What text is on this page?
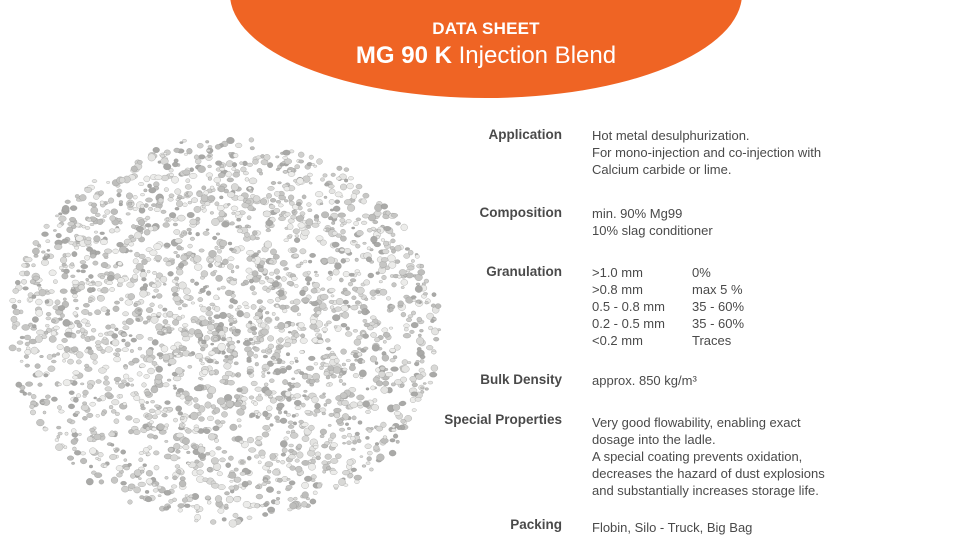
DATA SHEET
MG 90 K Injection Blend
Application Hot metal desulphurization.
For mono-injection and co-injection with
Calcium carbide or lime.
Composition min. 90% Mg99
10% slag conditioner
Granulation >1.0 mm	0%
>0.8 mm	max 5 %
0.5 - 0.8 mm 35 - 60%
0.2 - 0.5 mm 35 - 60%
<0.2 mm	Traces
Bulk Density approx. 850 kg/m³
Special Properties Very good flowability, enabling exact
dosage into the ladle.
A special coating prevents oxidation,
decreases the hazard of dust explosions
and substantially increases storage life.
Packing Flobin, Silo - Truck, Big Bag
